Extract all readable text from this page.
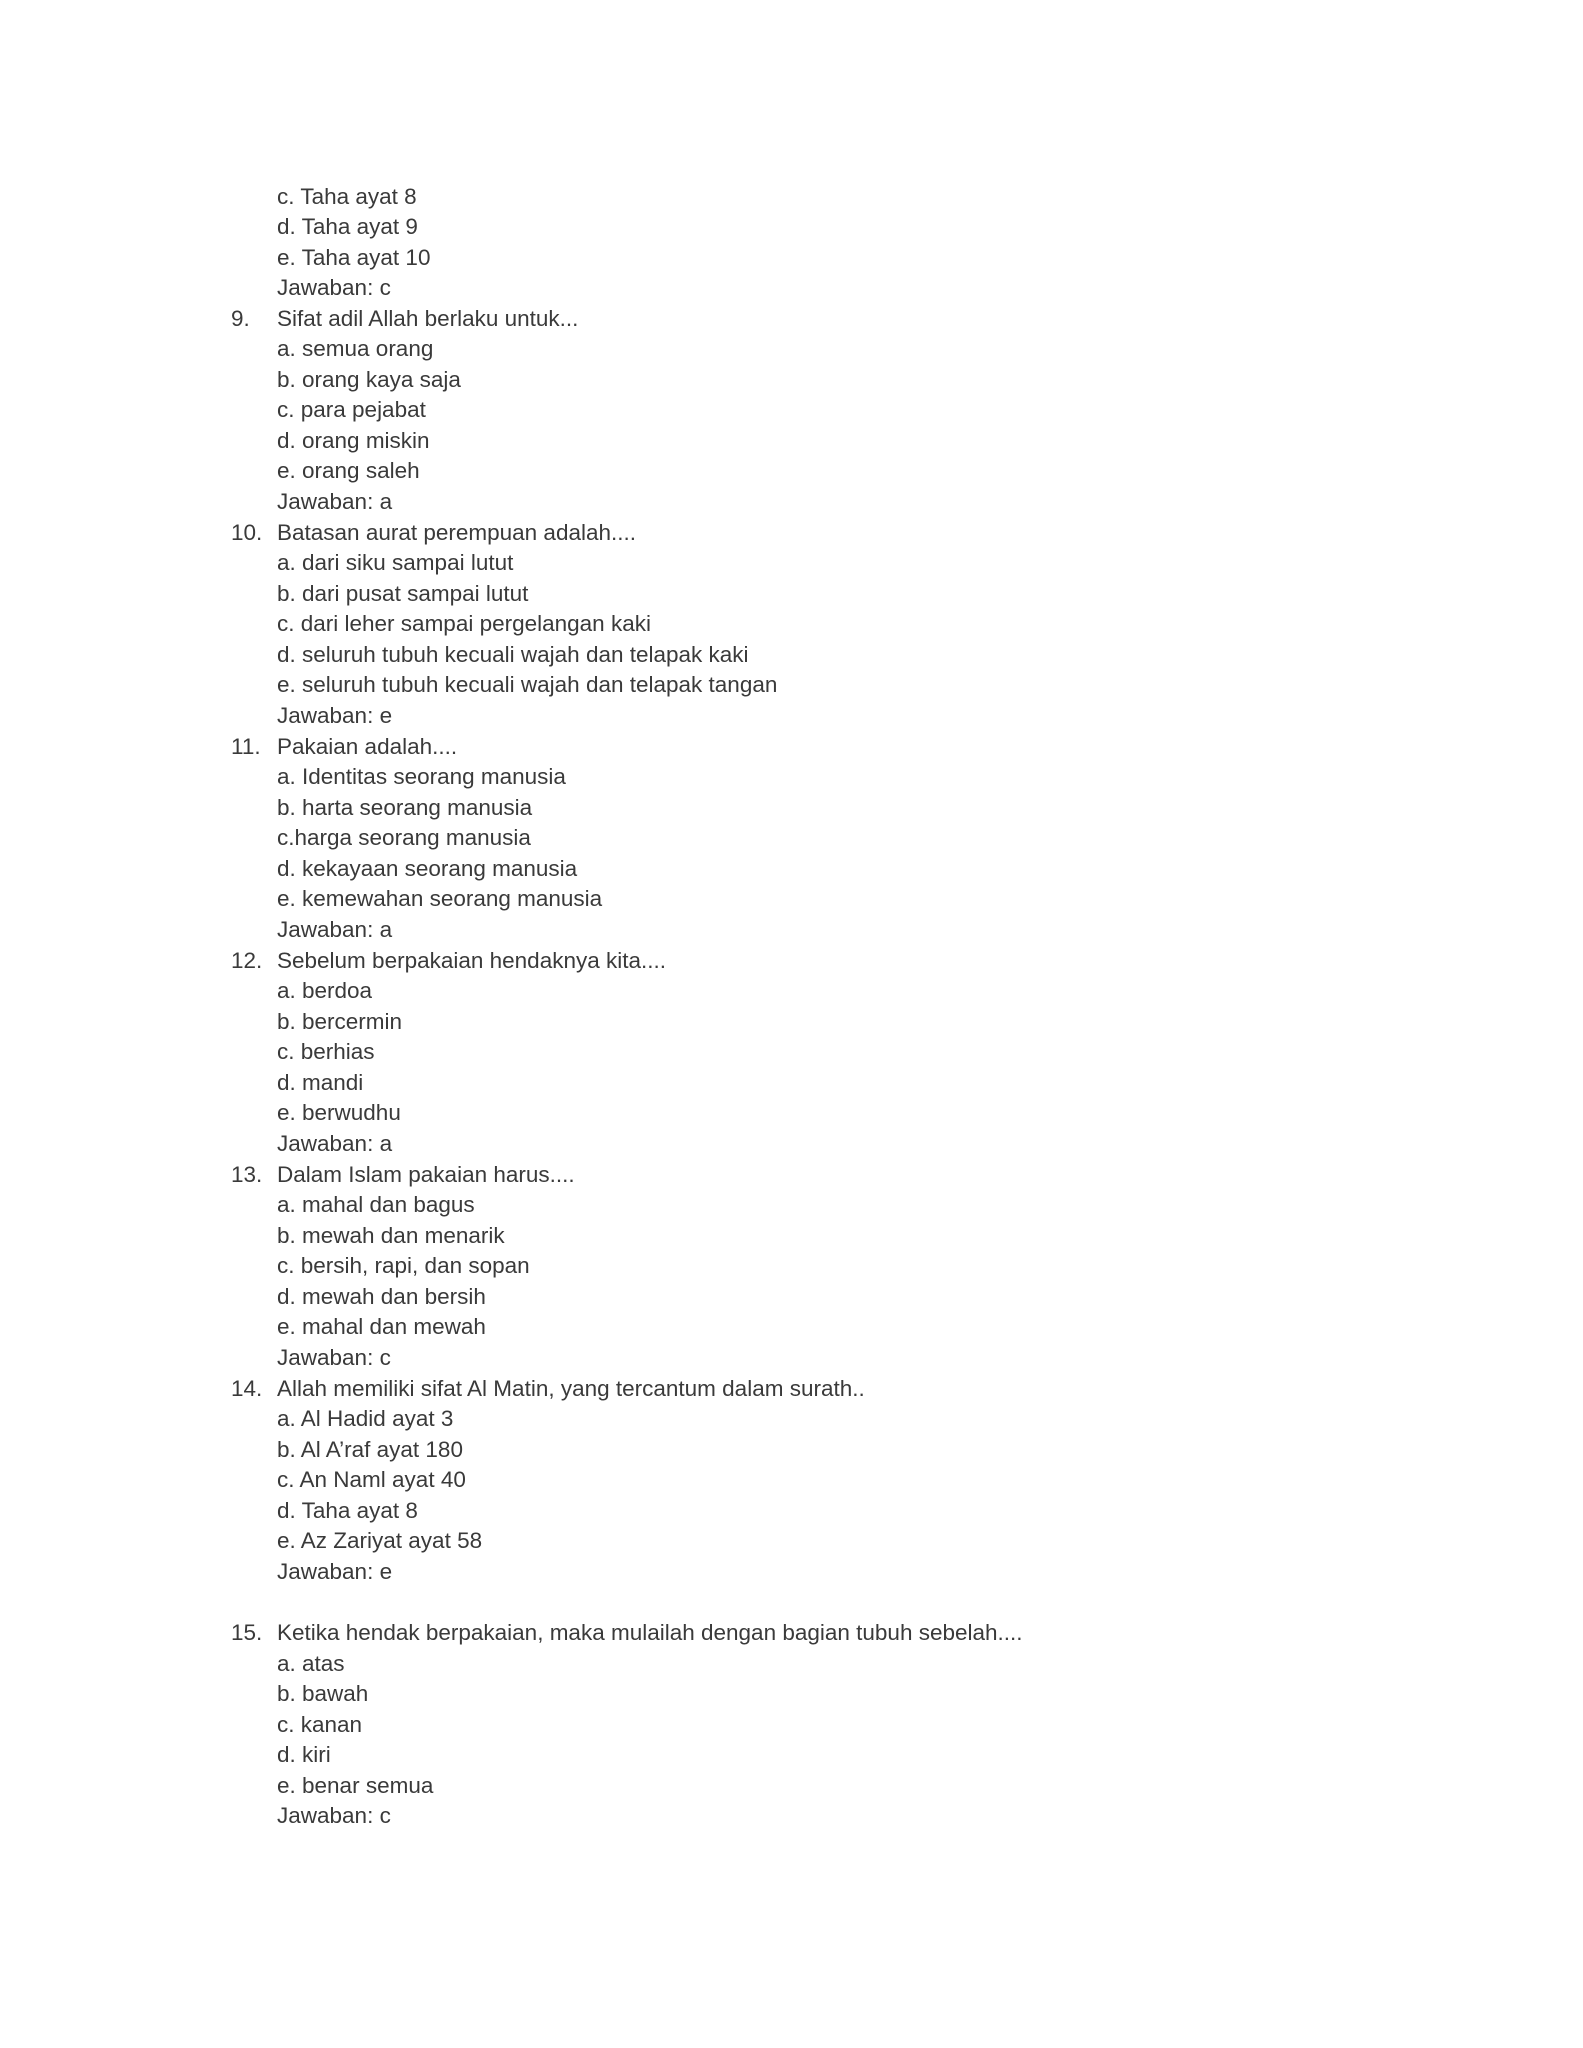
c. Taha ayat 8
d. Taha ayat 9
e. Taha ayat 10
Jawaban: c
9. Sifat adil Allah berlaku untuk...
a. semua orang
b. orang kaya saja
c. para pejabat
d. orang miskin
e. orang saleh
Jawaban: a
10. Batasan aurat perempuan adalah....
a. dari siku sampai lutut
b. dari pusat sampai lutut
c. dari leher sampai pergelangan kaki
d. seluruh tubuh kecuali wajah dan telapak kaki
e. seluruh tubuh kecuali wajah dan telapak tangan
Jawaban: e
11. Pakaian adalah....
a. Identitas seorang manusia
b. harta seorang manusia
c.harga seorang manusia
d. kekayaan seorang manusia
e. kemewahan seorang manusia
Jawaban: a
12. Sebelum berpakaian hendaknya kita....
a. berdoa
b. bercermin
c. berhias
d. mandi
e. berwudhu
Jawaban: a
13. Dalam Islam pakaian harus....
a. mahal dan bagus
b. mewah dan menarik
c. bersih, rapi, dan sopan
d. mewah dan bersih
e. mahal dan mewah
Jawaban: c
14. Allah memiliki sifat Al Matin, yang tercantum dalam surath..
a. Al Hadid ayat 3
b. Al A’raf ayat 180
c. An Naml ayat 40
d. Taha ayat 8
e. Az Zariyat ayat 58
Jawaban: e
15. Ketika hendak berpakaian, maka mulailah dengan bagian tubuh sebelah....
a. atas
b. bawah
c. kanan
d. kiri
e. benar semua
Jawaban: c
